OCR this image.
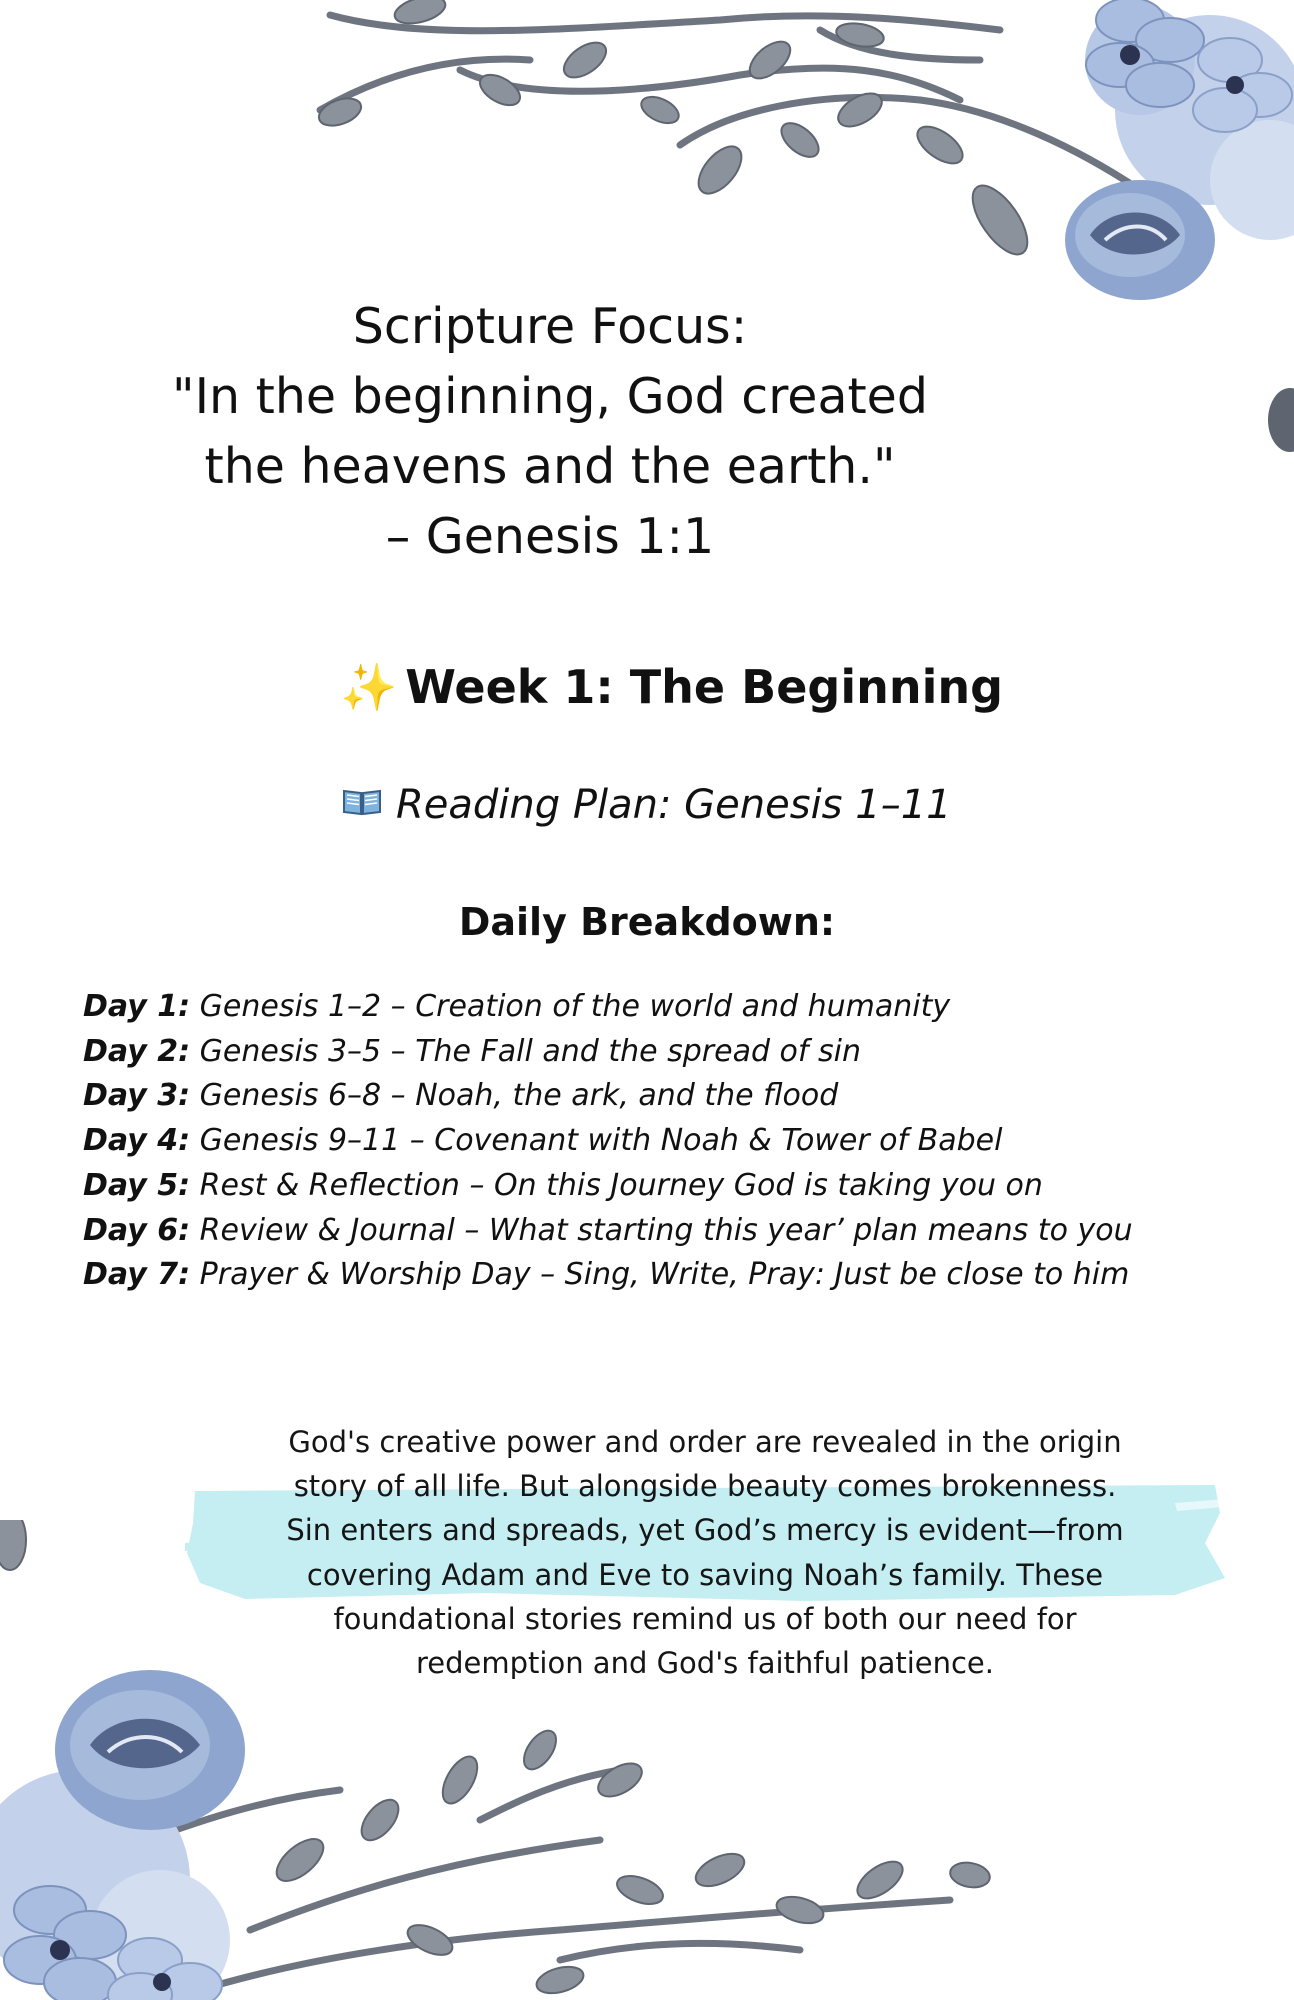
Scripture Focus:
"In the beginning, God created
the heavens and the earth."
– Genesis 1:1
✨ Week 1: The Beginning
Reading Plan: Genesis 1–11
Daily Breakdown:
Day 1: Genesis 1–2 – Creation of the world and humanity
Day 2: Genesis 3–5 – The Fall and the spread of sin
Day 3: Genesis 6–8 – Noah, the ark, and the flood
Day 4: Genesis 9–11 – Covenant with Noah & Tower of Babel
Day 5: Rest & Reflection – On this Journey God is taking you on
Day 6: Review & Journal – What starting this year’ plan means to you
Day 7: Prayer & Worship Day – Sing, Write, Pray: Just be close to him
God's creative power and order are revealed in the origin
story of all life. But alongside beauty comes brokenness.
Sin enters and spreads, yet God’s mercy is evident—from
covering Adam and Eve to saving Noah’s family. These
foundational stories remind us of both our need for
redemption and God's faithful patience.
